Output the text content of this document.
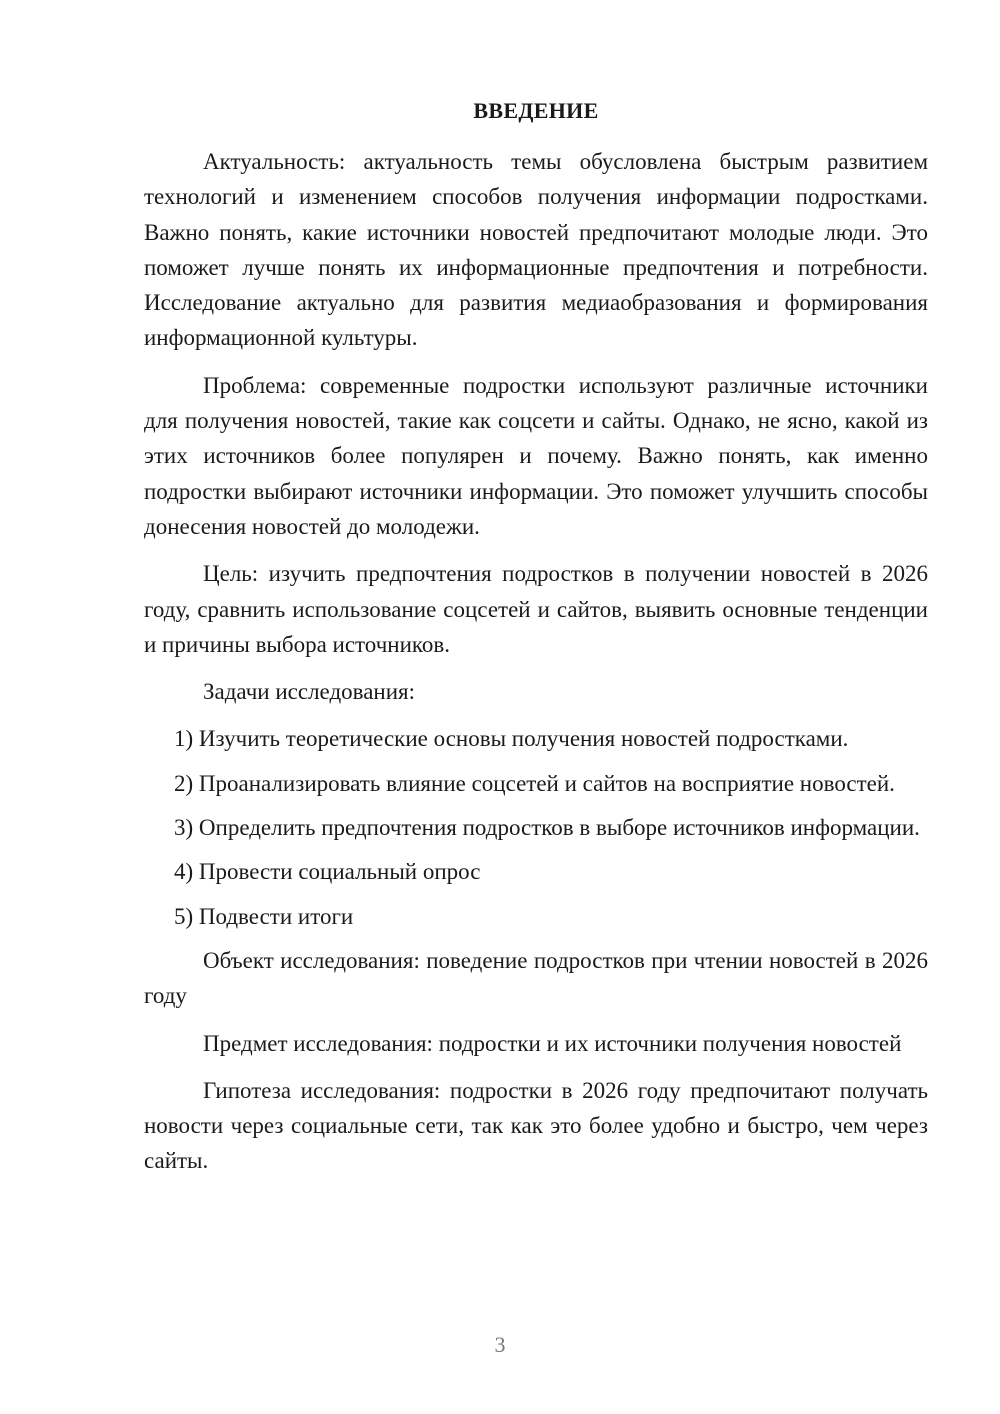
ВВЕДЕНИЕ

Актуальность: актуальность темы обусловлена быстрым развитием технологий и изменением способов получения информации подростками. Важно понять, какие источники новостей предпочитают молодые люди. Это поможет лучше понять их информационные предпочтения и потребности. Исследование актуально для развития медиаобразования и формирования информационной культуры.

Проблема: современные подростки используют различные источники для получения новостей, такие как соцсети и сайты. Однако, не ясно, какой из этих источников более популярен и почему. Важно понять, как именно подростки выбирают источники информации. Это поможет улучшить способы донесения новостей до молодежи.

Цель: изучить предпочтения подростков в получении новостей в 2026 году, сравнить использование соцсетей и сайтов, выявить основные тенденции и причины выбора источников.

Задачи исследования:

1) Изучить теоретические основы получения новостей подростками.

2) Проанализировать влияние соцсетей и сайтов на восприятие новостей.

3) Определить предпочтения подростков в выборе источников информации.

4) Провести социальный опрос

5) Подвести итоги

Объект исследования: поведение подростков при чтении новостей в 2026 году

Предмет исследования: подростки и их источники получения новостей

Гипотеза исследования: подростки в 2026 году предпочитают получать новости через социальные сети, так как это более удобно и быстро, чем через сайты.

3
